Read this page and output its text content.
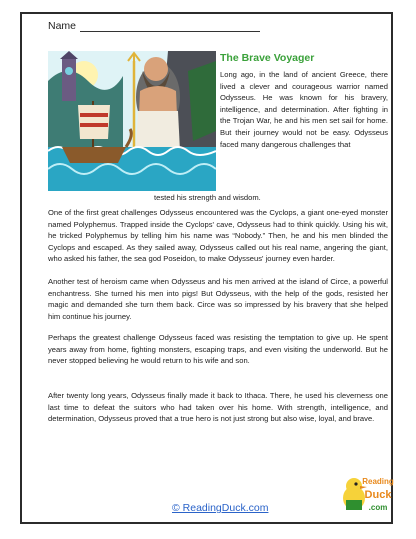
Name
The Brave Voyager

Long ago, in the land of ancient Greece, there lived a clever and courageous warrior named Odysseus. He was known for his bravery, intelligence, and determination. After fighting in the Trojan War, he and his men set sail for home. But their journey would not be easy. Odysseus faced many dangerous challenges that

tested his strength and wisdom.

One of the first great challenges Odysseus encountered was the Cyclops, a giant one-eyed monster named Polyphemus. Trapped inside the Cyclops' cave, Odysseus had to think quickly. Using his wit, he tricked Polyphemus by telling him his name was “Nobody.” Then, he and his men blinded the Cyclops and escaped. As they sailed away, Odysseus called out his real name, angering the giant, who asked his father, the sea god Poseidon, to make Odysseus' journey even harder.

Another test of heroism came when Odysseus and his men arrived at the island of Circe, a powerful enchantress. She turned his men into pigs! But Odysseus, with the help of the gods, resisted her magic and demanded she turn them back. Circe was so impressed by his bravery that she helped him continue his journey.

Perhaps the greatest challenge Odysseus faced was resisting the temptation to give up. He spent years away from home, fighting monsters, escaping traps, and even visiting the underworld. But he never stopped believing he would return to his wife and son.

After twenty long years, Odysseus finally made it back to Ithaca. There, he used his cleverness one last time to defeat the suitors who had taken over his home. With strength, intelligence, and determination, Odysseus proved that a true hero is not just strong but also wise, loyal, and brave.

© ReadingDuck.com
Reading
Duck
.com
